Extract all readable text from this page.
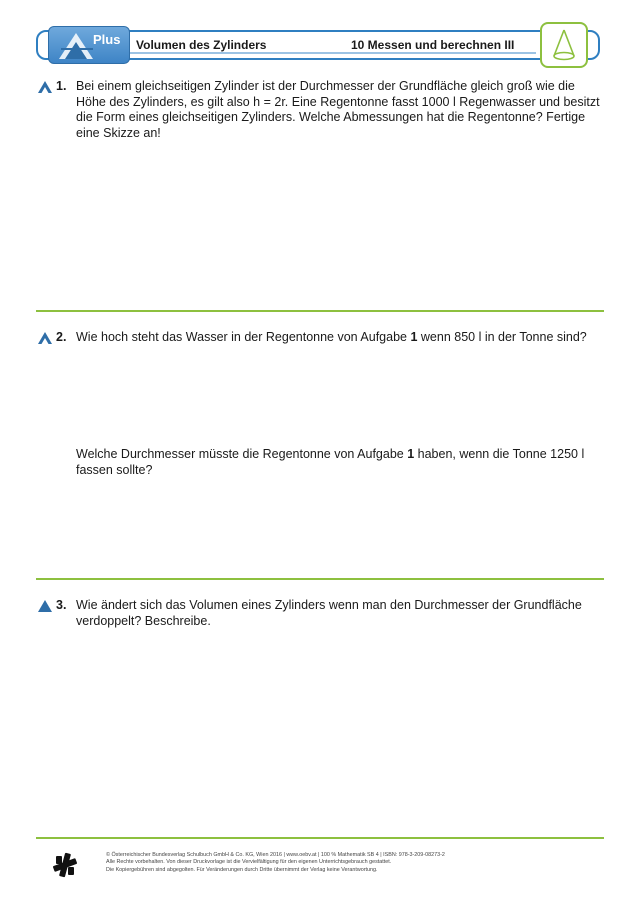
Plus Volumen des Zylinders	10 Messen und berechnen III
1. Bei einem gleichseitigen Zylinder ist der Durchmesser der Grundfläche gleich groß wie die Höhe des Zylinders, es gilt also h = 2r. Eine Regentonne fasst 1000 l Regenwasser und besitzt die Form eines gleichseitigen Zylinders. Welche Abmessungen hat die Regentonne? Fertige eine Skizze an!
2. Wie hoch steht das Wasser in der Regentonne von Aufgabe 1 wenn 850 l in der Tonne sind?
Welche Durchmesser müsste die Regentonne von Aufgabe 1 haben, wenn die Tonne 1250 l fassen sollte?
3. Wie ändert sich das Volumen eines Zylinders wenn man den Durchmesser der Grundfläche verdoppelt? Beschreibe.
© Österreichischer Bundesverlag Schulbuch GmbH & Co. KG, Wien 2016 | www.oebv.at | 100 % Mathematik SB 4 | ISBN: 978-3-209-08273-2
Alle Rechte vorbehalten. Von dieser Druckvorlage ist die Vervielfältigung für den eigenen Unterrichtsgebrauch gestattet.
Die Kopiergebühren sind abgegolten. Für Veränderungen durch Dritte übernimmt der Verlag keine Verantwortung.
